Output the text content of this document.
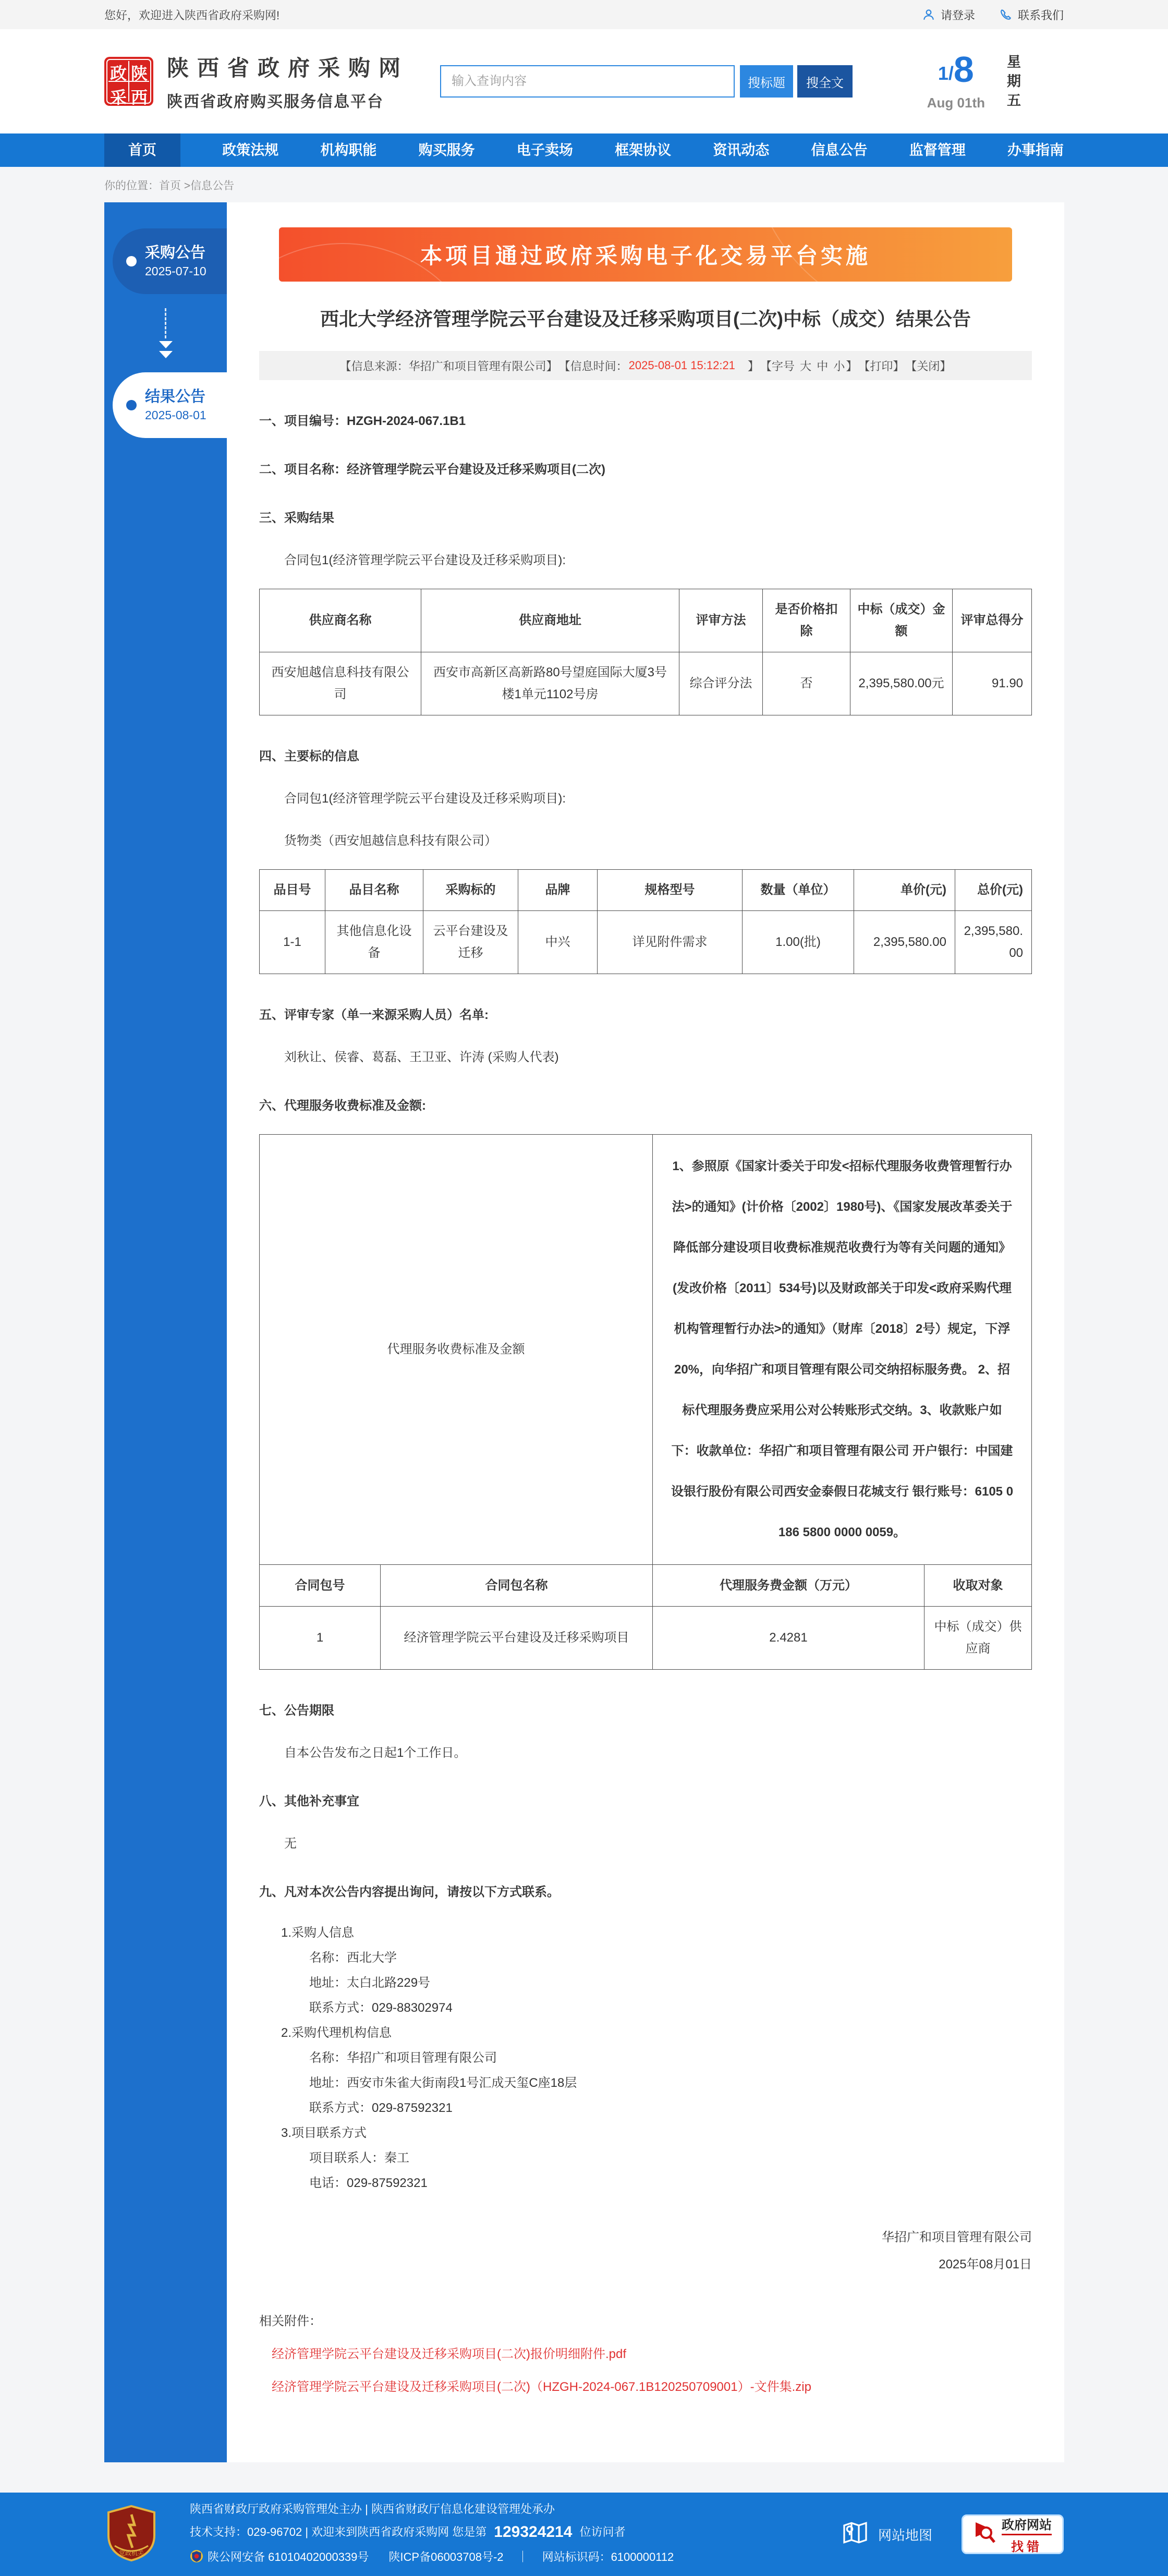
您好，欢迎进入陕西省政府采购网!	请登录	联系我们
政 陕
采 西
陕西省政府采购网
陕西省政府购买服务信息平台
输入查询内容
搜标题	搜全文	1/ 8
Aug 01th 星期五
首页	政策法规	机构职能	购买服务	电子卖场	框架协议	资讯动态	信息公告	监督管理	办事指南
你的位置：首页 >信息公告
采购公告
2025-07-10
结果公告
2025-08-01
本项目通过政府采购电子化交易平台实施
西北大学经济管理学院云平台建设及迁移采购项目(二次)中标（成交）结果公告
【信息来源：华招广和项目管理有限公司】 【信息时间： 2025-08-01 15:12:21 　】 【字号
大
中
小 】 【打印】 【关闭】

一、项目编号：HZGH-2024-067.1B1

二、项目名称：经济管理学院云平台建设及迁移采购项目(二次)

三、采购结果

合同包1(经济管理学院云平台建设及迁移采购项目):

供应商名称	供应商地址	评审方法	是否价格扣除	中标（成交）金额	评审总得分
西安旭越信息科技有限公司	西安市高新区高新路80号望庭国际大厦3号楼1单元1102号房	综合评分法	否	2,395,580.00元	91.90

四、主要标的信息

合同包1(经济管理学院云平台建设及迁移采购项目):

货物类（西安旭越信息科技有限公司）

品目号	品目名称	采购标的	品牌	规格型号	数量（单位）	单价(元)	总价(元)
1-1	其他信息化设备	云平台建设及迁移	中兴	详见附件需求	1.00(批)	2,395,580.00	2,395,580.00

五、评审专家（单一来源采购人员）名单:

刘秋让、侯睿、葛磊、王卫亚、许涛 (采购人代表)

六、代理服务收费标准及金额:

代理服务收费标准及金额		1、参照原《国家计委关于印发<招标代理服务收费管理暂行办法>的通知》(计价格〔2002〕1980号)、《国家发展改革委关于降低部分建设项目收费标准规范收费行为等有关问题的通知》(发改价格〔2011〕534号)以及财政部关于印发<政府采购代理机构管理暂行办法>的通知》（财库〔2018〕2号）规定，下浮20%，向华招广和项目管理有限公司交纳招标服务费。 2、招标代理服务费应采用公对公转账形式交纳。3、收款账户如下：收款单位：华招广和项目管理有限公司 开户银行：中国建设银行股份有限公司西安金泰假日花城支行 银行账号：6105 0186 5800 0000 0059。	
合同包号	合同包名称	代理服务费金额（万元）	收取对象
1	经济管理学院云平台建设及迁移采购项目	2.4281	中标（成交）供应商

七、公告期限

自本公告发布之日起1个工作日。

八、其他补充事宜

无

九、凡对本次公告内容提出询问，请按以下方式联系。

1.采购人信息

名称：西北大学

地址：太白北路229号

联系方式：029-88302974

2.采购代理机构信息

名称：华招广和项目管理有限公司

地址：西安市朱雀大街南段1号汇成天玺C座18层

联系方式：029-87592321

3.项目联系方式

项目联系人：秦工

电话：029-87592321

华招广和项目管理有限公司

2025年08月01日

相关附件：

经济管理学院云平台建设及迁移采购项目(二次)报价明细附件.pdf
经济管理学院云平台建设及迁移采购项目(二次)（HZGH-2024-067.1B120250709001）-文件集.zip
党政机关
陕西省财政厅政府采购管理处主办 | 陕西省财政厅信息化建设管理处承办
技术支持：029-96702 | 欢迎来到陕西省政府采购网 您是第 129324214 位访问者
陕公网安备 61010402000339号 陕ICP备06003708号-2 ｜ 网站标识码：6100000112
网站地图
政府网站
找错
